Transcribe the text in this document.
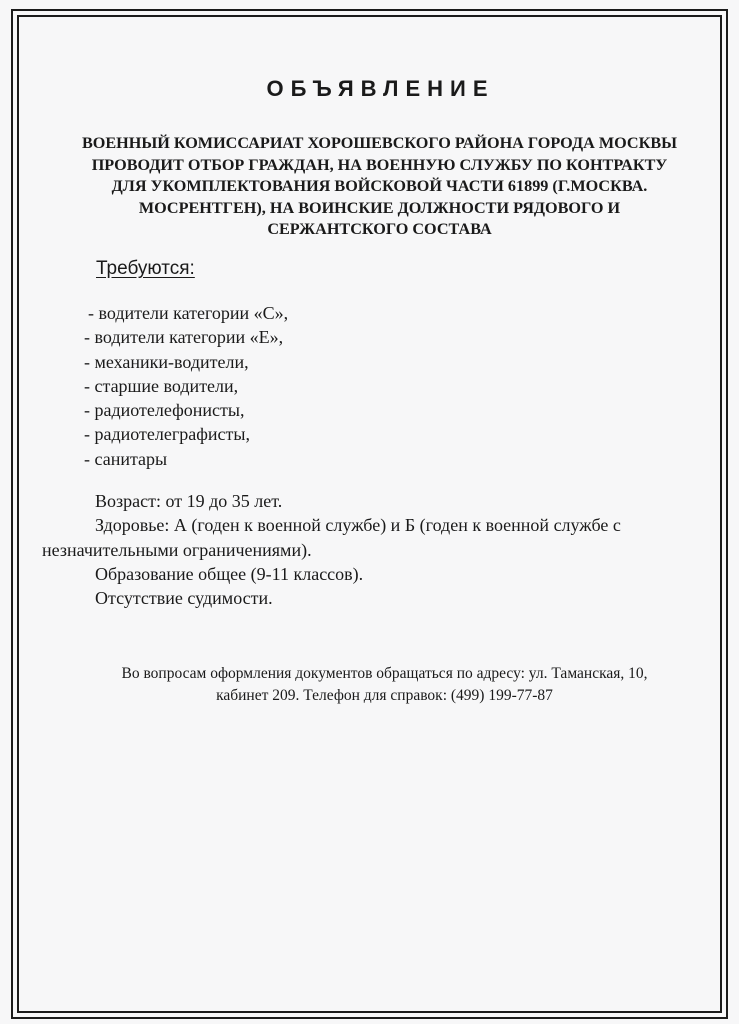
ОБЪЯВЛЕНИЕ
ВОЕННЫЙ КОМИССАРИАТ ХОРОШЕВСКОГО РАЙОНА ГОРОДА МОСКВЫ
ПРОВОДИТ ОТБОР ГРАЖДАН, НА ВОЕННУЮ СЛУЖБУ ПО КОНТРАКТУ
ДЛЯ УКОМПЛЕКТОВАНИЯ ВОЙСКОВОЙ ЧАСТИ 61899 (Г.МОСКВА.
МОСРЕНТГЕН), НА ВОИНСКИЕ ДОЛЖНОСТИ РЯДОВОГО И
СЕРЖАНТСКОГО СОСТАВА
Требуются:
- водители категории «С»,
- водители категории «Е»,
- механики-водители,
- старшие водители,
- радиотелефонисты,
- радиотелеграфисты,
- санитары

Возраст: от 19 до 35 лет.

Здоровье: А (годен к военной службе) и Б (годен к военной службе с

незначительными ограничениями).

Образование общее (9-11 классов).

Отсутствие судимости.

Во вопросам оформления документов обращаться по адресу: ул. Таманская, 10,
кабинет 209. Телефон для справок: (499) 199-77-87
